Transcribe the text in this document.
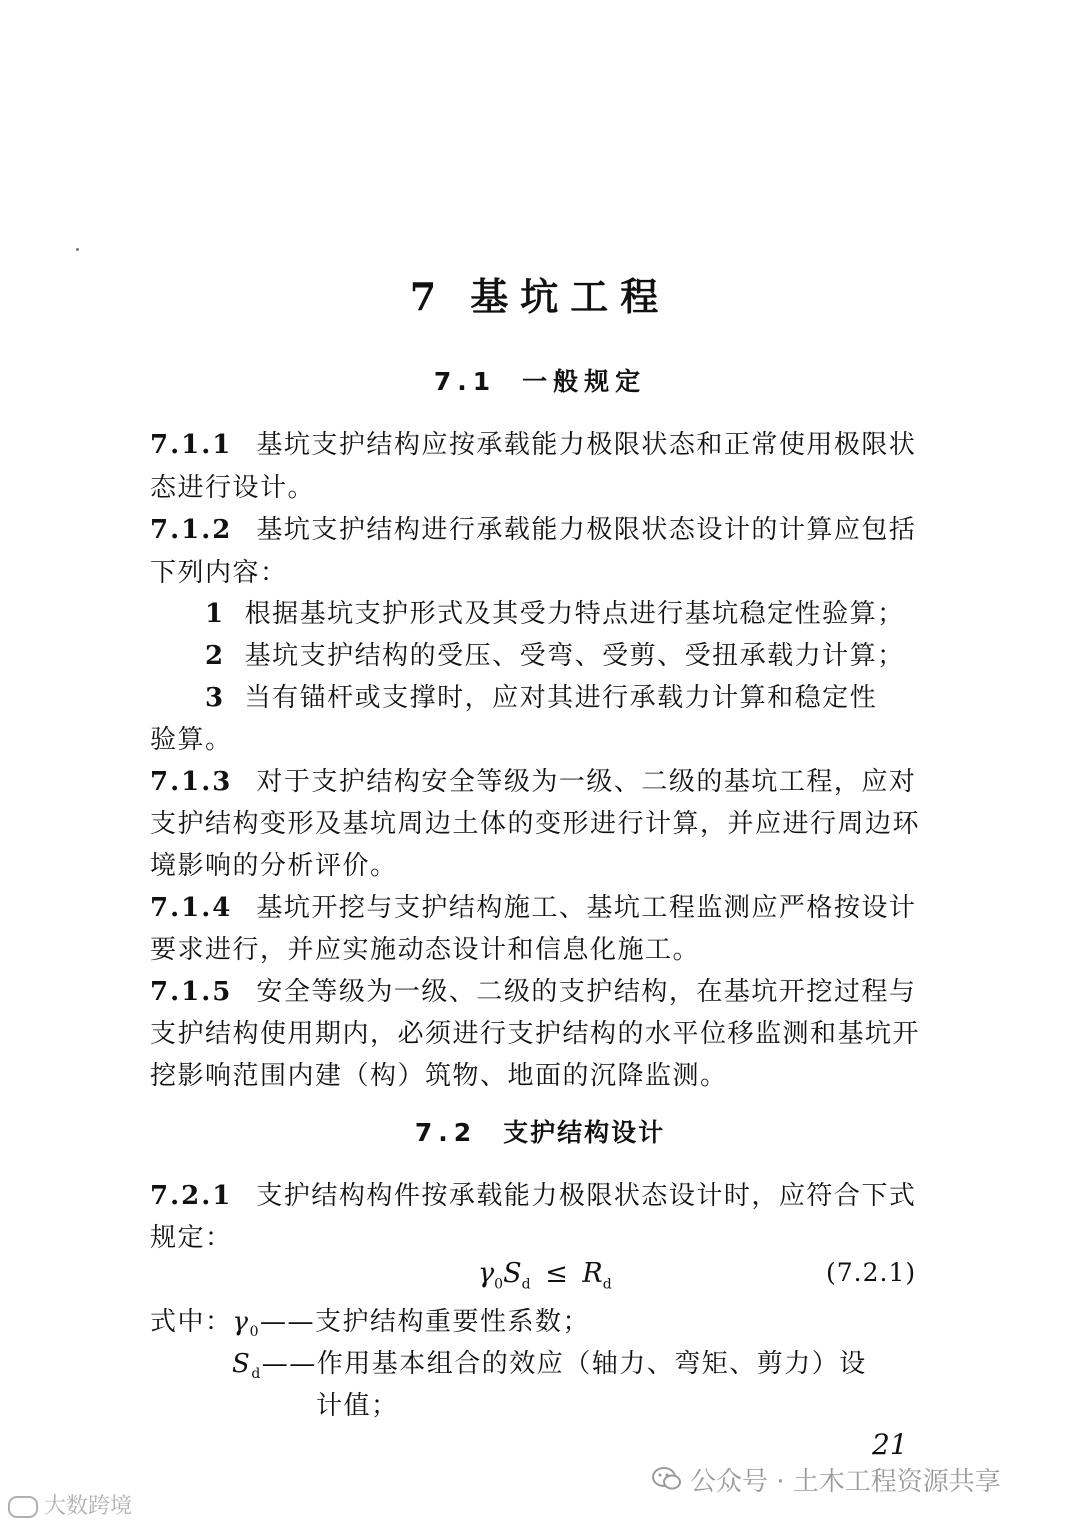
7 基坑工程
7.1 一般规定
7.1.1 基坑支护结构应按承载能力极限状态和正常使用极限状
态进行设计。
7.1.2 基坑支护结构进行承载能力极限状态设计的计算应包括
下列内容：
1 根据基坑支护形式及其受力特点进行基坑稳定性验算；
2 基坑支护结构的受压、受弯、受剪、受扭承载力计算；
3 当有锚杆或支撑时，应对其进行承载力计算和稳定性
验算。
7.1.3 对于支护结构安全等级为一级、二级的基坑工程，应对
支护结构变形及基坑周边土体的变形进行计算，并应进行周边环
境影响的分析评价。
7.1.4 基坑开挖与支护结构施工、基坑工程监测应严格按设计
要求进行，并应实施动态设计和信息化施工。
7.1.5 安全等级为一级、二级的支护结构，在基坑开挖过程与
支护结构使用期内，必须进行支护结构的水平位移监测和基坑开
挖影响范围内建（构）筑物、地面的沉降监测。
7.2 支护结构设计
7.2.1 支护结构构件按承载能力极限状态设计时，应符合下式
规定：
$\gamma_0S_d \le R_d$	(7.2.1)
式中：$\gamma_0——$支护结构重要性系数；
$S_d——$作用基本组合的效应（轴力、弯矩、剪力）设
计值；
21
公众号 · 土木工程资源共享
大数跨境
